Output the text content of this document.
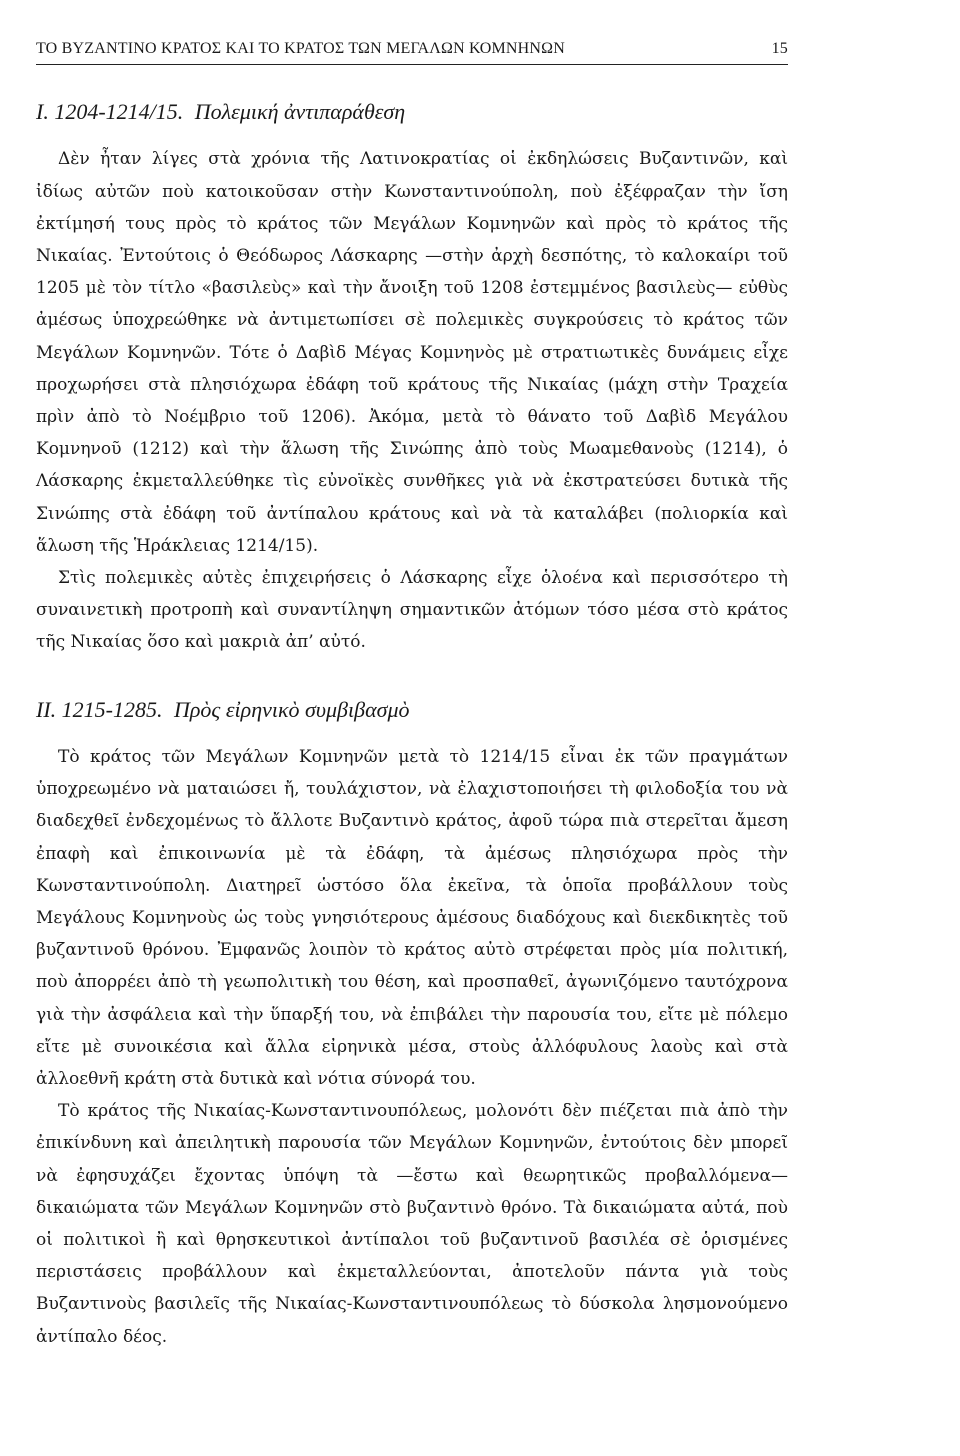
ΤΟ ΒΥΖΑΝΤΙΝΟ ΚΡΑΤΟΣ ΚΑΙ ΤΟ ΚΡΑΤΟΣ ΤΩΝ ΜΕΓΑΛΩΝ ΚΟΜΝΗΝΩΝ	15
I. 1204-1214/15. Πολεμική ἀντιπαράθεση

Δὲν ἦταν λίγες στὰ χρόνια τῆς Λατινοκρατίας οἱ ἐκδηλώσεις Βυζαντινῶν, καὶ ἰδίως αὐτῶν ποὺ κατοικοῦσαν στὴν Κωνσταντινούπολη, ποὺ ἐξέφραζαν τὴν ἴση ἐκτίμησή τους πρὸς τὸ κράτος τῶν Μεγάλων Κομνηνῶν καὶ πρὸς τὸ κράτος τῆς Νικαίας. Ἐντούτοις ὁ Θεόδωρος Λάσκαρης —στὴν ἀρχὴ δεσπότης, τὸ καλοκαίρι τοῦ 1205 μὲ τὸν τίτλο «βασιλεὺς» καὶ τὴν ἄνοιξη τοῦ 1208 ἐστεμμένος βασιλεὺς— εὐθὺς ἀμέσως ὑποχρεώθηκε νὰ ἀντιμετωπίσει σὲ πολεμικὲς συγκρούσεις τὸ κράτος τῶν Μεγάλων Κομνηνῶν. Τότε ὁ Δαβὶδ Μέγας Κομνηνὸς μὲ στρατιωτικὲς δυνάμεις εἶχε προχωρήσει στὰ πλησιόχωρα ἐδάφη τοῦ κράτους τῆς Νικαίας (μάχη στὴν Τραχεία πρὶν ἀπὸ τὸ Νοέμβριο τοῦ 1206). Ἀκόμα, μετὰ τὸ θάνατο τοῦ Δαβὶδ Μεγάλου Κομνηνοῦ (1212) καὶ τὴν ἅλωση τῆς Σινώπης ἀπὸ τοὺς Μωαμεθανοὺς (1214), ὁ Λάσκαρης ἐκμεταλλεύθηκε τὶς εὐνοϊκὲς συνθῆκες γιὰ νὰ ἐκστρατεύσει δυτικὰ τῆς Σινώπης στὰ ἐδάφη τοῦ ἀντίπαλου κράτους καὶ νὰ τὰ καταλάβει (πολιορκία καὶ ἅλωση τῆς Ἡράκλειας 1214/15).

Στὶς πολεμικὲς αὐτὲς ἐπιχειρήσεις ὁ Λάσκαρης εἶχε ὁλοένα καὶ περισσότερο τὴ συναινετικὴ προτροπὴ καὶ συναντίληψη σημαντικῶν ἀτόμων τόσο μέσα στὸ κράτος τῆς Νικαίας ὅσο καὶ μακριὰ ἀπ’ αὐτό.

II. 1215-1285. Πρὸς εἰρηνικὸ συμβιβασμὸ

Τὸ κράτος τῶν Μεγάλων Κομνηνῶν μετὰ τὸ 1214/15 εἶναι ἐκ τῶν πραγμάτων ὑποχρεωμένο νὰ ματαιώσει ἤ, τουλάχιστον, νὰ ἐλαχιστοποιήσει τὴ φιλοδοξία του νὰ διαδεχθεῖ ἐνδεχομένως τὸ ἄλλοτε Βυζαντινὸ κράτος, ἀφοῦ τώρα πιὰ στερεῖται ἄμεση ἐπαφὴ καὶ ἐπικοινωνία μὲ τὰ ἐδάφη, τὰ ἀμέσως πλησιόχωρα πρὸς τὴν Κωνσταντινούπολη. Διατηρεῖ ὡστόσο ὅλα ἐκεῖνα, τὰ ὁποῖα προβάλλουν τοὺς Μεγάλους Κομνηνοὺς ὡς τοὺς γνησιότερους ἀμέσους διαδόχους καὶ διεκδικητὲς τοῦ βυζαντινοῦ θρόνου. Ἐμφανῶς λοιπὸν τὸ κράτος αὐτὸ στρέφεται πρὸς μία πολιτική, ποὺ ἀπορρέει ἀπὸ τὴ γεωπολιτικὴ του θέση, καὶ προσπαθεῖ, ἀγωνιζόμενο ταυτόχρονα γιὰ τὴν ἀσφάλεια καὶ τὴν ὕπαρξή του, νὰ ἐπιβάλει τὴν παρουσία του, εἴτε μὲ πόλεμο εἴτε μὲ συνοικέσια καὶ ἄλλα εἰρηνικὰ μέσα, στοὺς ἀλλόφυλους λαοὺς καὶ στὰ ἀλλοεθνῆ κράτη στὰ δυτικὰ καὶ νότια σύνορά του.

Τὸ κράτος τῆς Νικαίας-Κωνσταντινουπόλεως, μολονότι δὲν πιέζεται πιὰ ἀπὸ τὴν ἐπικίνδυνη καὶ ἀπειλητικὴ παρουσία τῶν Μεγάλων Κομνηνῶν, ἐντούτοις δὲν μπορεῖ νὰ ἐφησυχάζει ἔχοντας ὑπόψη τὰ —ἔστω καὶ θεωρητικῶς προβαλλόμενα— δικαιώματα τῶν Μεγάλων Κομνηνῶν στὸ βυζαντινὸ θρόνο. Τὰ δικαιώματα αὐτά, ποὺ οἱ πολιτικοὶ ἢ καὶ θρησκευτικοὶ ἀντίπαλοι τοῦ βυζαντινοῦ βασιλέα σὲ ὁρισμένες περιστάσεις προβάλλουν καὶ ἐκμεταλλεύονται, ἀποτελοῦν πάντα γιὰ τοὺς Βυζαντινοὺς βασιλεῖς τῆς Νικαίας-Κωνσταντινουπόλεως τὸ δύσκολα λησμονούμενο ἀντίπαλο δέος.
